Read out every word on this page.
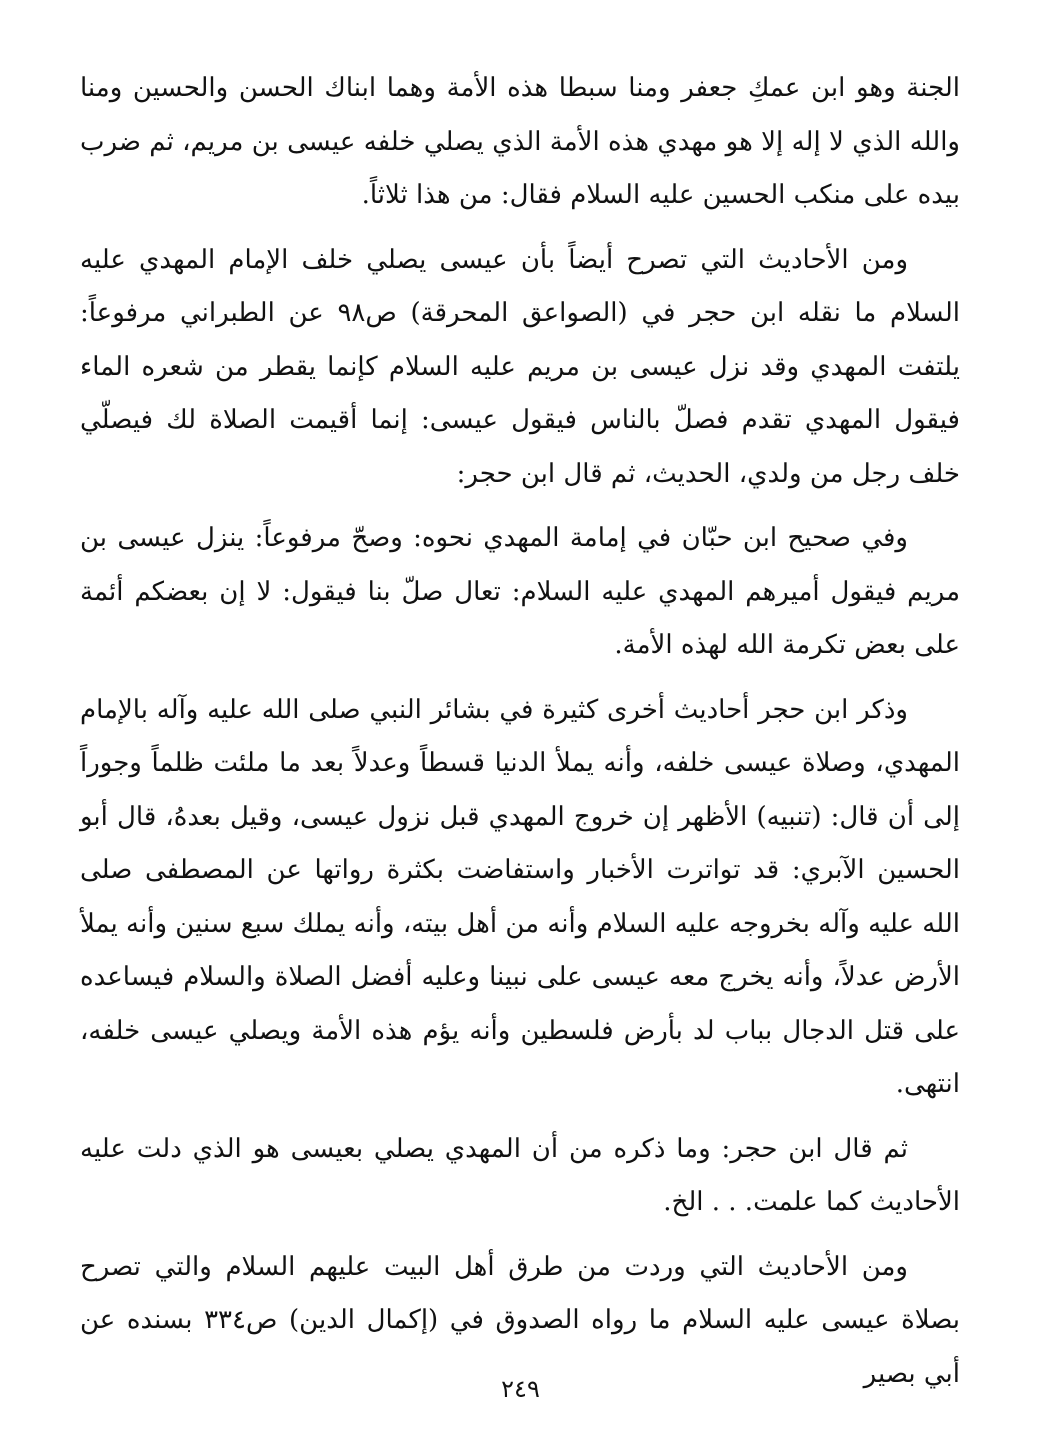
الجنة وهو ابن عمكِ جعفر ومنا سبطا هذه الأمة وهما ابناك الحسن والحسين ومنا والله الذي لا إله إلا هو مهدي هذه الأمة الذي يصلي خلفه عيسى بن مريم، ثم ضرب بيده على منكب الحسين عليه السلام فقال: من هذا ثلاثاً.

ومن الأحاديث التي تصرح أيضاً بأن عيسى يصلي خلف الإمام المهدي عليه السلام ما نقله ابن حجر في (الصواعق المحرقة) ص٩٨ عن الطبراني مرفوعاً: يلتفت المهدي وقد نزل عيسى بن مريم عليه السلام كإنما يقطر من شعره الماء فيقول المهدي تقدم فصلّ بالناس فيقول عيسى: إنما أقيمت الصلاة لك فيصلّي خلف رجل من ولدي، الحديث، ثم قال ابن حجر:

وفي صحيح ابن حبّان في إمامة المهدي نحوه: وصحّ مرفوعاً: ينزل عيسى بن مريم فيقول أميرهم المهدي عليه السلام: تعال صلّ بنا فيقول: لا إن بعضكم أئمة على بعض تكرمة الله لهذه الأمة.

وذكر ابن حجر أحاديث أخرى كثيرة في بشائر النبي صلى الله عليه وآله بالإمام المهدي، وصلاة عيسى خلفه، وأنه يملأ الدنيا قسطاً وعدلاً بعد ما ملئت ظلماً وجوراً إلى أن قال: (تنبيه) الأظهر إن خروج المهدي قبل نزول عيسى، وقيل بعدهُ، قال أبو الحسين الآبري: قد تواترت الأخبار واستفاضت بكثرة رواتها عن المصطفى صلى الله عليه وآله بخروجه عليه السلام وأنه من أهل بيته، وأنه يملك سبع سنين وأنه يملأ الأرض عدلاً، وأنه يخرج معه عيسى على نبينا وعليه أفضل الصلاة والسلام فيساعده على قتل الدجال بباب لد بأرض فلسطين وأنه يؤم هذه الأمة ويصلي عيسى خلفه، انتهى.

ثم قال ابن حجر: وما ذكره من أن المهدي يصلي بعيسى هو الذي دلت عليه الأحاديث كما علمت. . . الخ.

ومن الأحاديث التي وردت من طرق أهل البيت عليهم السلام والتي تصرح بصلاة عيسى عليه السلام ما رواه الصدوق في (إكمال الدين) ص٣٣٤ بسنده عن أبي بصير

٢٤٩
